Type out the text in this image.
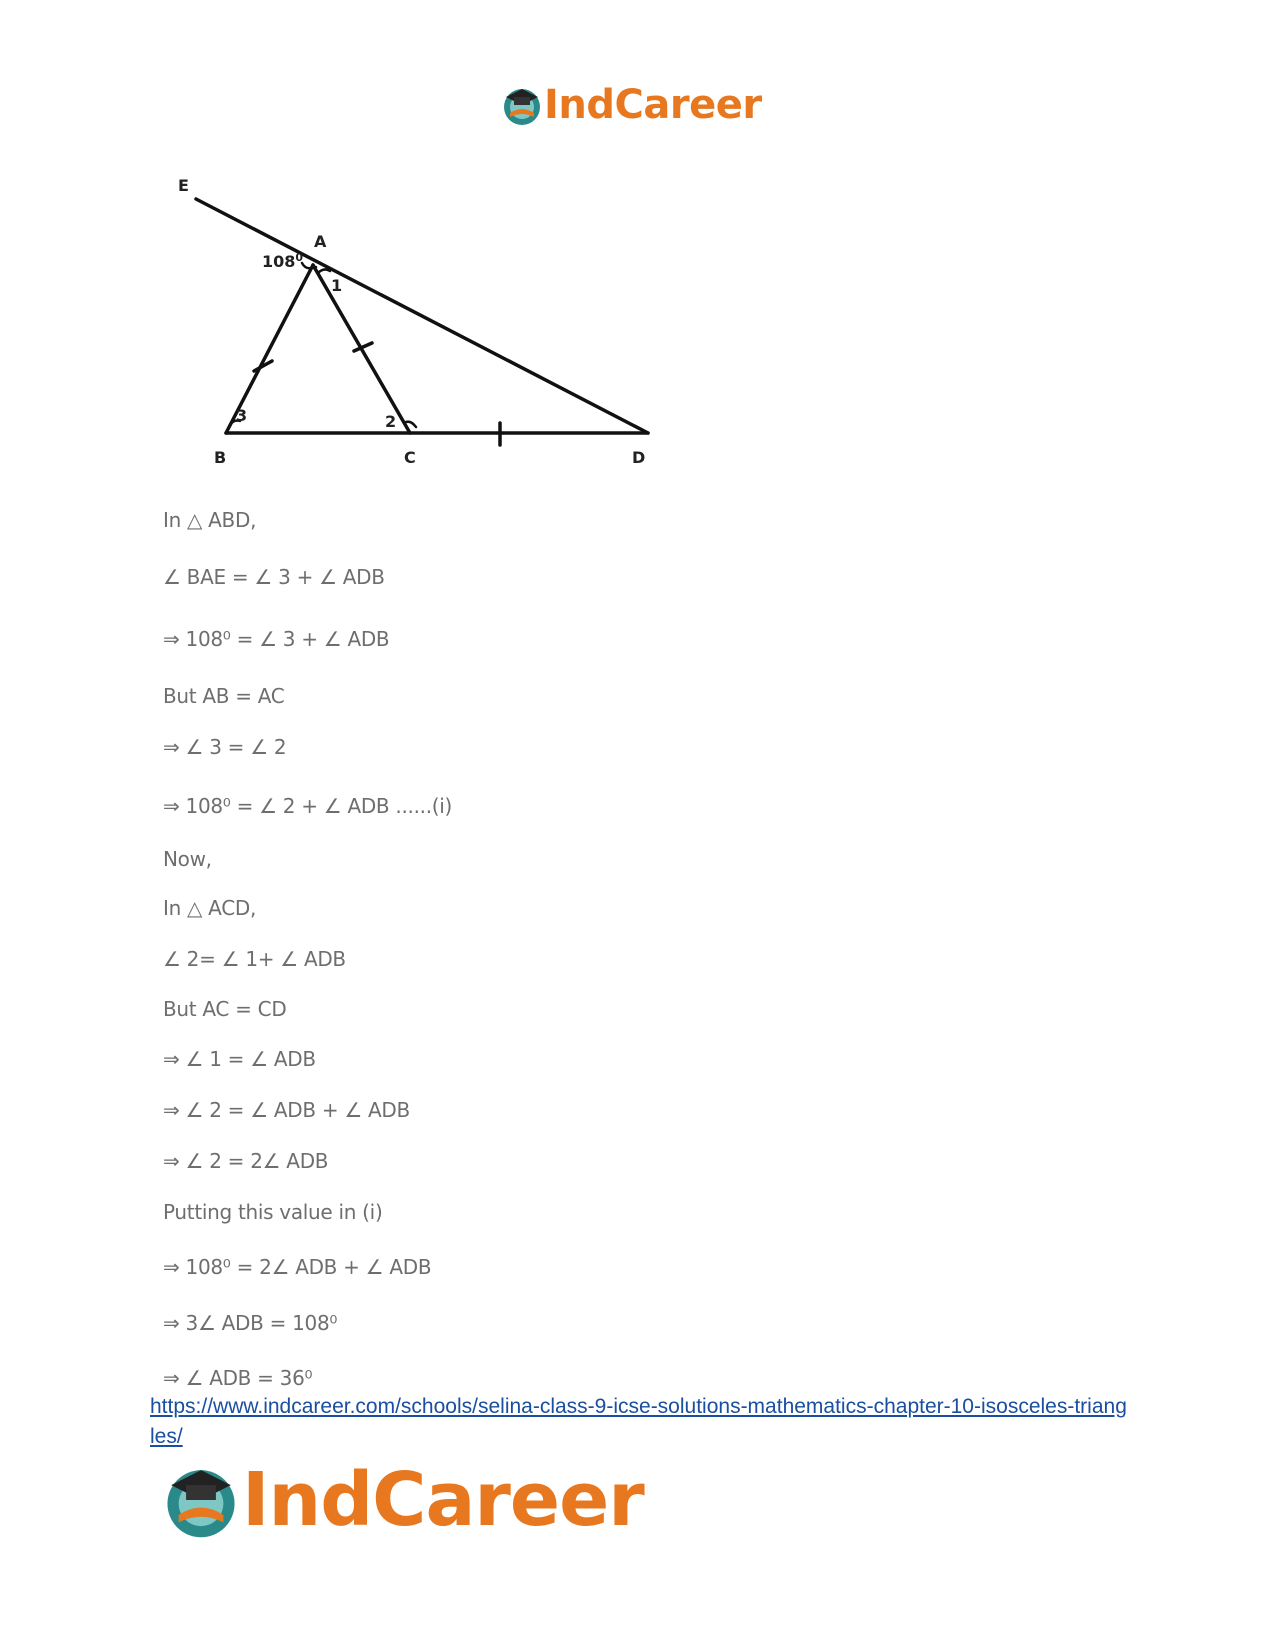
IndCareer
E
A
B	C	D
$108^0$
1
2
3
In △ ABD,
∠ BAE = ∠ 3 + ∠ ADB
⇒ 108⁰ = ∠ 3 + ∠ ADB
But AB = AC
⇒ ∠ 3 = ∠ 2
⇒ 108⁰ = ∠ 2 + ∠ ADB ......(i)
Now,
In △ ACD,
∠ 2= ∠ 1+ ∠ ADB
But AC = CD
⇒ ∠ 1 = ∠ ADB
⇒ ∠ 2 = ∠ ADB + ∠ ADB
⇒ ∠ 2 = 2∠ ADB
Putting this value in (i)
⇒ 108⁰ = 2∠ ADB + ∠ ADB
⇒ 3∠ ADB = 108⁰
⇒ ∠ ADB = 36⁰
https://www.indcareer.com/schools/selina-class-9-icse-solutions-mathematics-chapter-10-isosceles-triangles/
IndCareer
